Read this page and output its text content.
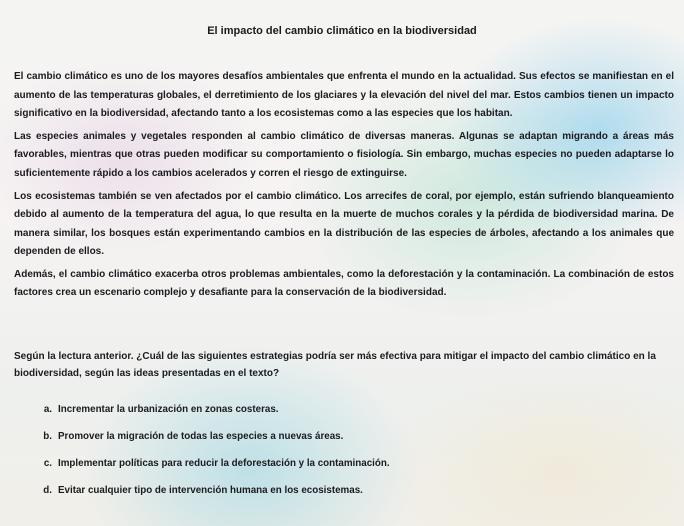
El impacto del cambio climático en la biodiversidad

El cambio climático es uno de los mayores desafíos ambientales que enfrenta el mundo en la actualidad. Sus efectos se manifiestan en el aumento de las temperaturas globales, el derretimiento de los glaciares y la elevación del nivel del mar. Estos cambios tienen un impacto significativo en la biodiversidad, afectando tanto a los ecosistemas como a las especies que los habitan.

Las especies animales y vegetales responden al cambio climático de diversas maneras. Algunas se adaptan migrando a áreas más favorables, mientras que otras pueden modificar su comportamiento o fisiología. Sin embargo, muchas especies no pueden adaptarse lo suficientemente rápido a los cambios acelerados y corren el riesgo de extinguirse.

Los ecosistemas también se ven afectados por el cambio climático. Los arrecifes de coral, por ejemplo, están sufriendo blanqueamiento debido al aumento de la temperatura del agua, lo que resulta en la muerte de muchos corales y la pérdida de biodiversidad marina. De manera similar, los bosques están experimentando cambios en la distribución de las especies de árboles, afectando a los animales que dependen de ellos.

Además, el cambio climático exacerba otros problemas ambientales, como la deforestación y la contaminación. La combinación de estos factores crea un escenario complejo y desafiante para la conservación de la biodiversidad.

Según la lectura anterior. ¿Cuál de las siguientes estrategias podría ser más efectiva para mitigar el impacto del cambio climático en la biodiversidad, según las ideas presentadas en el texto?

a. Incrementar la urbanización en zonas costeras.
b. Promover la migración de todas las especies a nuevas áreas.
c. Implementar políticas para reducir la deforestación y la contaminación.
d. Evitar cualquier tipo de intervención humana en los ecosistemas.
